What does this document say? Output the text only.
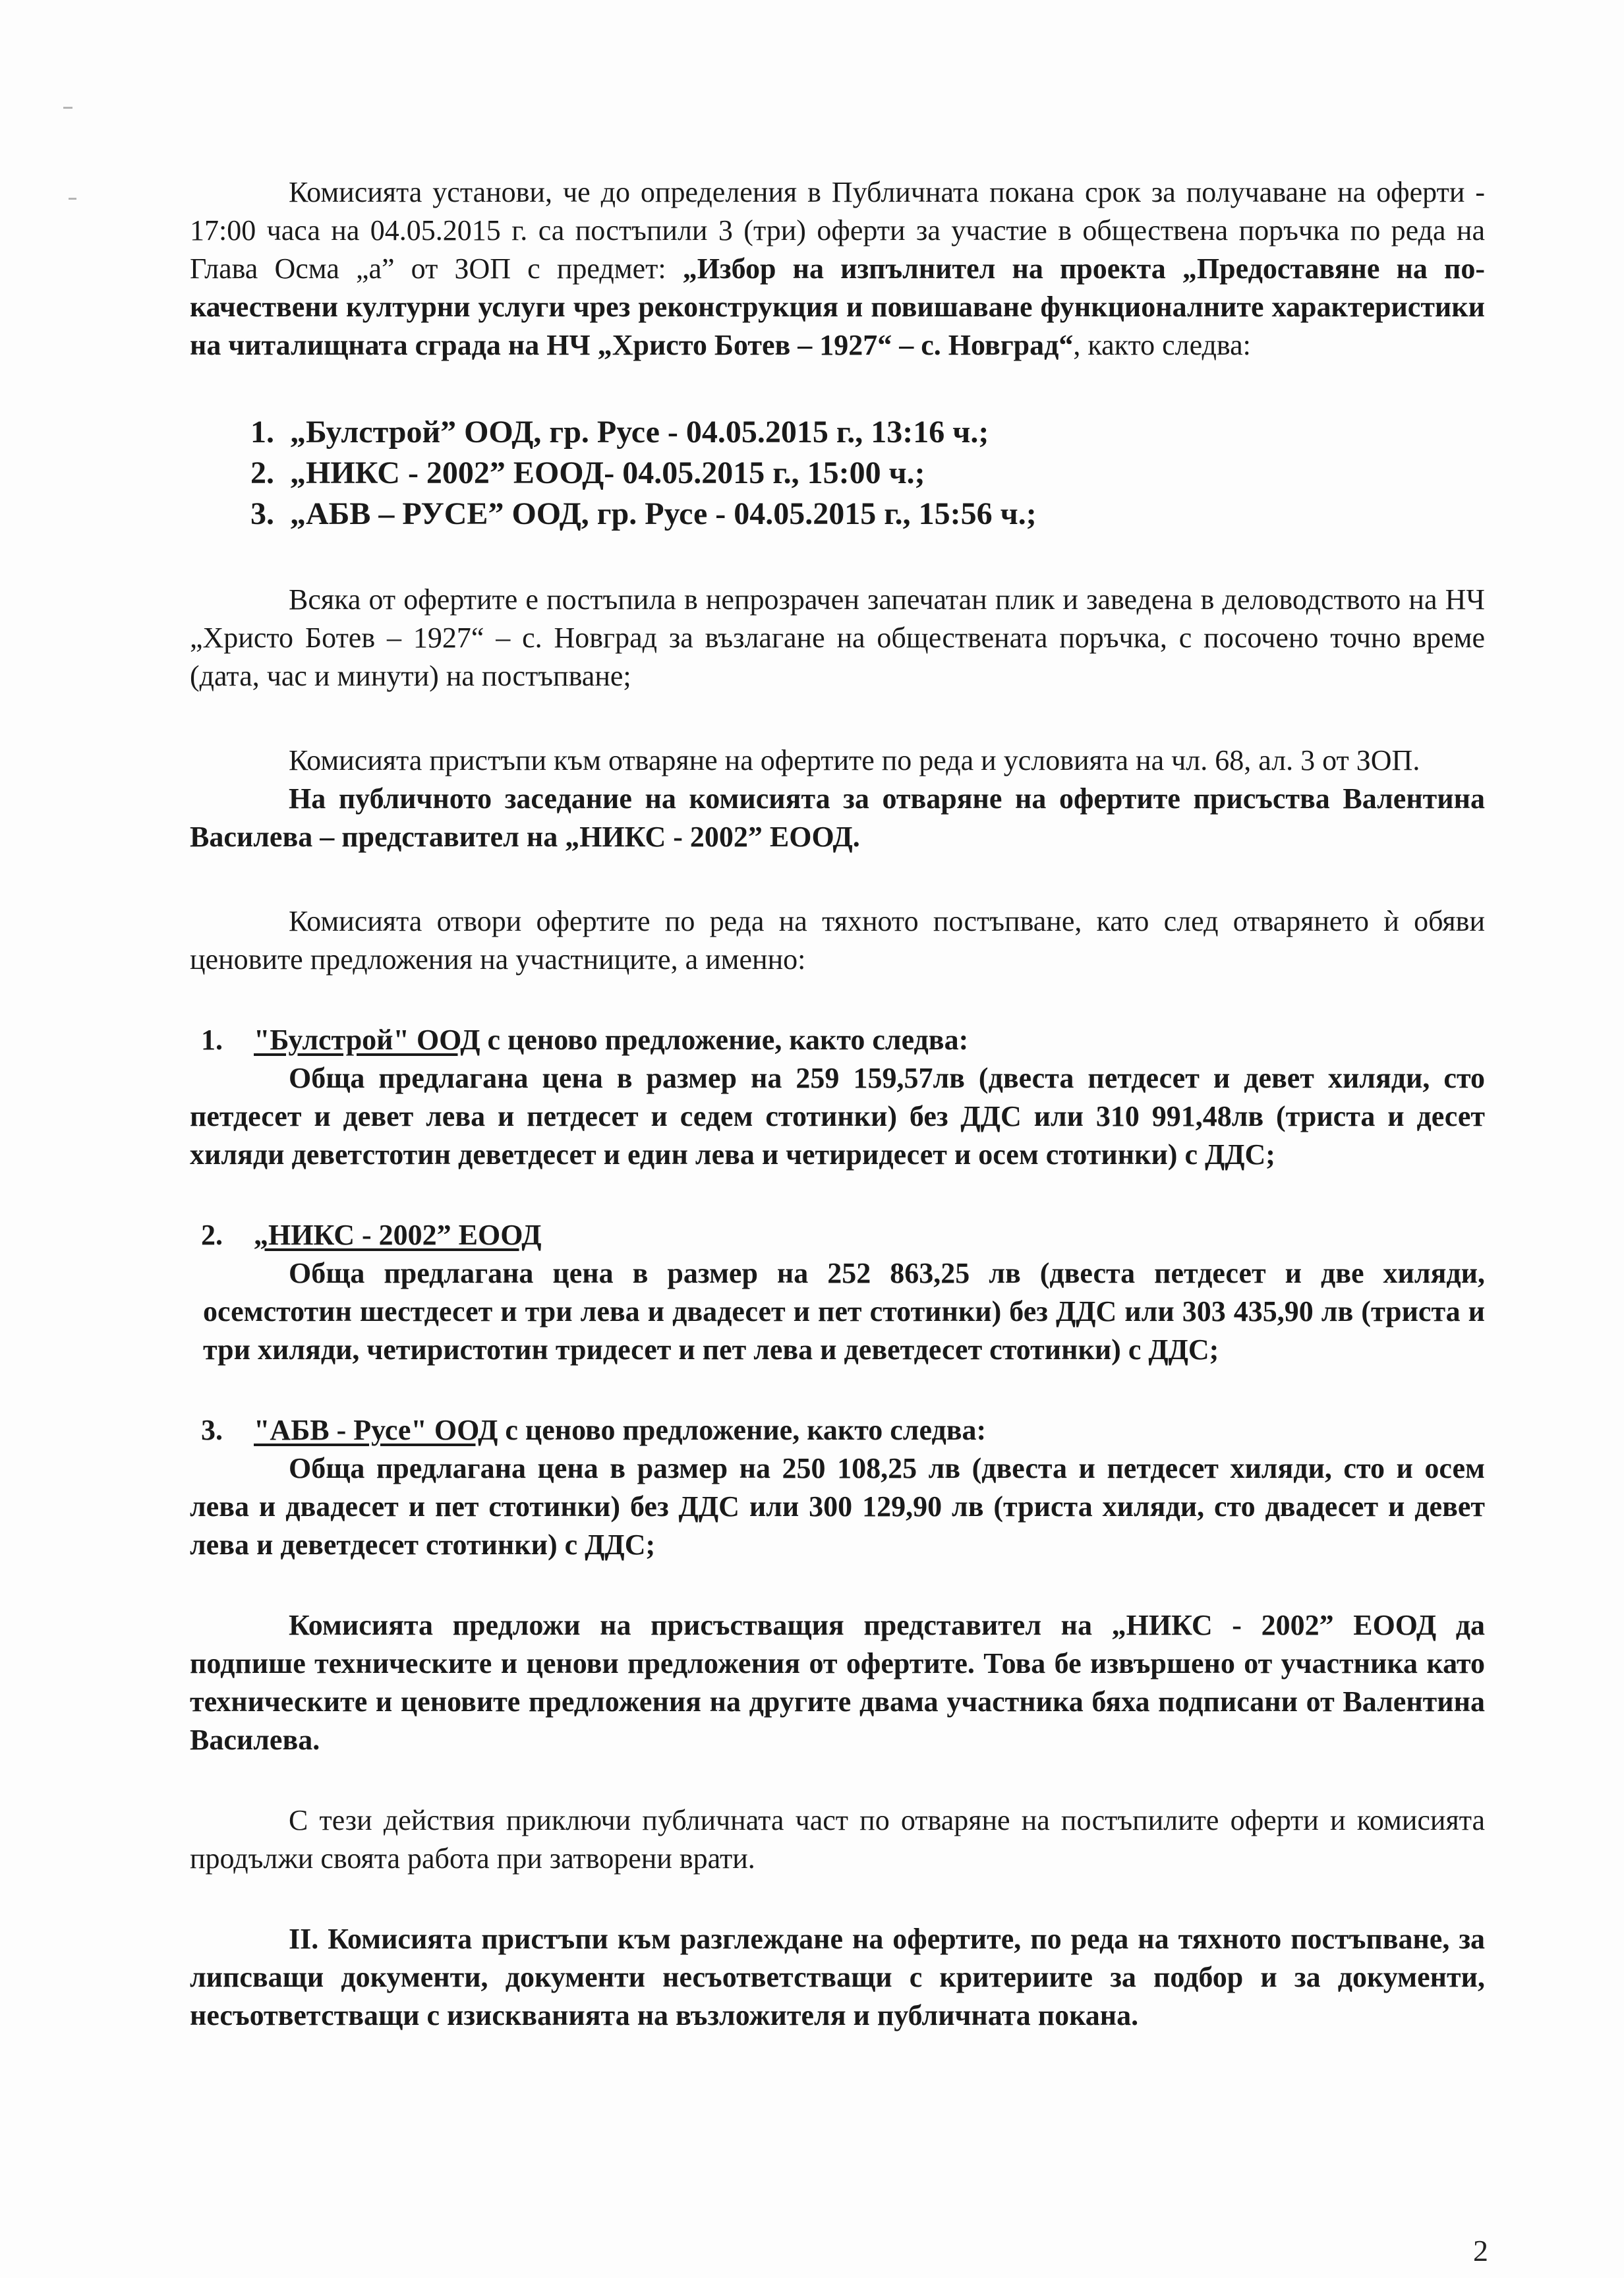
Комисията установи, че до определения в Публичната покана срок за получаване на оферти - 17:00 часа на 04.05.2015 г. са постъпили 3 (три) оферти за участие в обществена поръчка по реда на Глава Осма „а” от ЗОП с предмет: „Избор на изпълнител на проекта „Предоставяне на по-качествени културни услуги чрез реконструкция и повишаване функционалните характеристики на читалищната сграда на НЧ „Христо Ботев – 1927“ – с. Новград“, както следва:

1. „Булстрой” ООД, гр. Русе - 04.05.2015 г., 13:16 ч.;
2. „НИКС - 2002” ЕООД- 04.05.2015 г., 15:00 ч.;
3. „АБВ – РУСЕ” ООД, гр. Русе - 04.05.2015 г., 15:56 ч.;

Всяка от офертите е постъпила в непрозрачен запечатан плик и заведена в деловодството на НЧ „Христо Ботев – 1927“ – с. Новград за възлагане на обществената поръчка, с посочено точно време (дата, час и минути) на постъпване;

Комисията пристъпи към отваряне на офертите по реда и условията на чл. 68, ал. 3 от ЗОП.

На публичното заседание на комисията за отваряне на офертите присъства Валентина Василева – представител на „НИКС - 2002” ЕООД.

Комисията отвори офертите по реда на тяхното постъпване, като след отварянето ѝ обяви ценовите предложения на участниците, а именно:

1. "Булстрой" ООД с ценово предложение, както следва:

Обща предлагана цена в размер на 259 159,57лв (двеста петдесет и девет хиляди, сто петдесет и девет лева и петдесет и седем стотинки) без ДДС или 310 991,48лв (триста и десет хиляди деветстотин деветдесет и един лева и четиридесет и осем стотинки) с ДДС;

2. „НИКС - 2002” ЕООД

Обща предлагана цена в размер на 252 863,25 лв (двеста петдесет и две хиляди, осемстотин шестдесет и три лева и двадесет и пет стотинки) без ДДС или 303 435,90 лв (триста и три хиляди, четиристотин тридесет и пет лева и деветдесет стотинки) с ДДС;

3. "АБВ - Русе" ООД с ценово предложение, както следва:

Обща предлагана цена в размер на 250 108,25 лв (двеста и петдесет хиляди, сто и осем лева и двадесет и пет стотинки) без ДДС или 300 129,90 лв (триста хиляди, сто двадесет и девет лева и деветдесет стотинки) с ДДС;

Комисията предложи на присъстващия представител на „НИКС - 2002” ЕООД да подпише техническите и ценови предложения от офертите. Това бе извършено от участника като техническите и ценовите предложения на другите двама участника бяха подписани от Валентина Василева.

С тези действия приключи публичната част по отваряне на постъпилите оферти и комисията продължи своята работа при затворени врати.

II. Комисията пристъпи към разглеждане на офертите, по реда на тяхното постъпване, за липсващи документи, документи несъответстващи с критериите за подбор и за документи, несъответстващи с изискванията на възложителя и публичната покана.

2
